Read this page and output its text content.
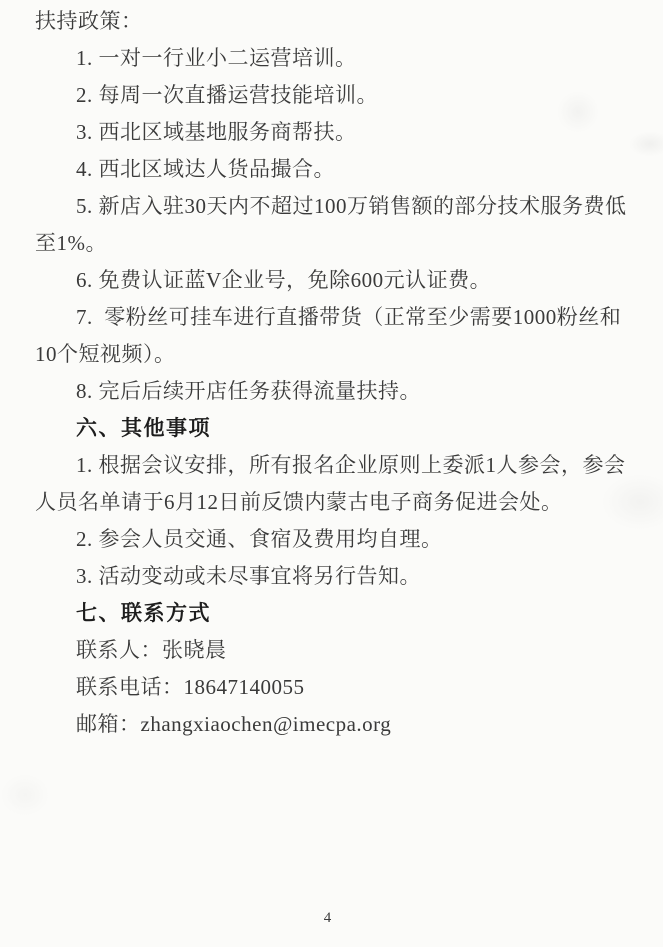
扶持政策：
1. 一对一行业小二运营培训。
2. 每周一次直播运营技能培训。
3. 西北区域基地服务商帮扶。
4. 西北区域达人货品撮合。
5. 新店入驻30天内不超过100万销售额的部分技术服务费低
至1%。
6. 免费认证蓝V企业号，免除600元认证费。
7.  零粉丝可挂车进行直播带货（正常至少需要1000粉丝和
10个短视频）。
8. 完后后续开店任务获得流量扶持。
六、其他事项
1. 根据会议安排，所有报名企业原则上委派1人参会，参会
人员名单请于6月12日前反馈内蒙古电子商务促进会处。
2. 参会人员交通、食宿及费用均自理。
3. 活动变动或未尽事宜将另行告知。
七、联系方式
联系人：张晓晨
联系电话：18647140055
邮箱：zhangxiaochen@imecpa.org
4
